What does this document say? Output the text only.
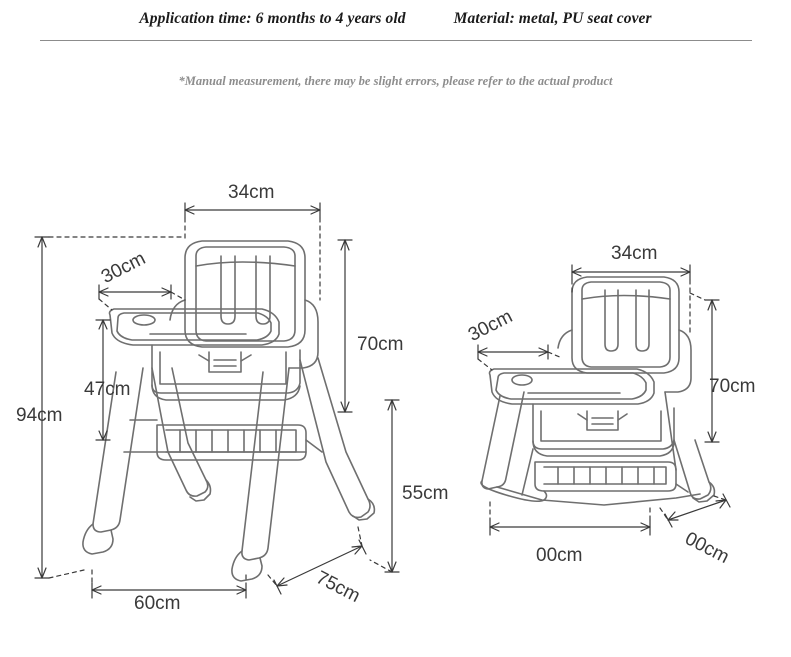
Application time: 6 months to 4 years old	Material: metal, PU seat cover
*Manual measurement, there may be slight errors, please refer to the actual product
34cm
30cm
47cm
70cm
94cm
55cm
60cm	75cm
34cm
30cm
70cm
00cm	00cm
